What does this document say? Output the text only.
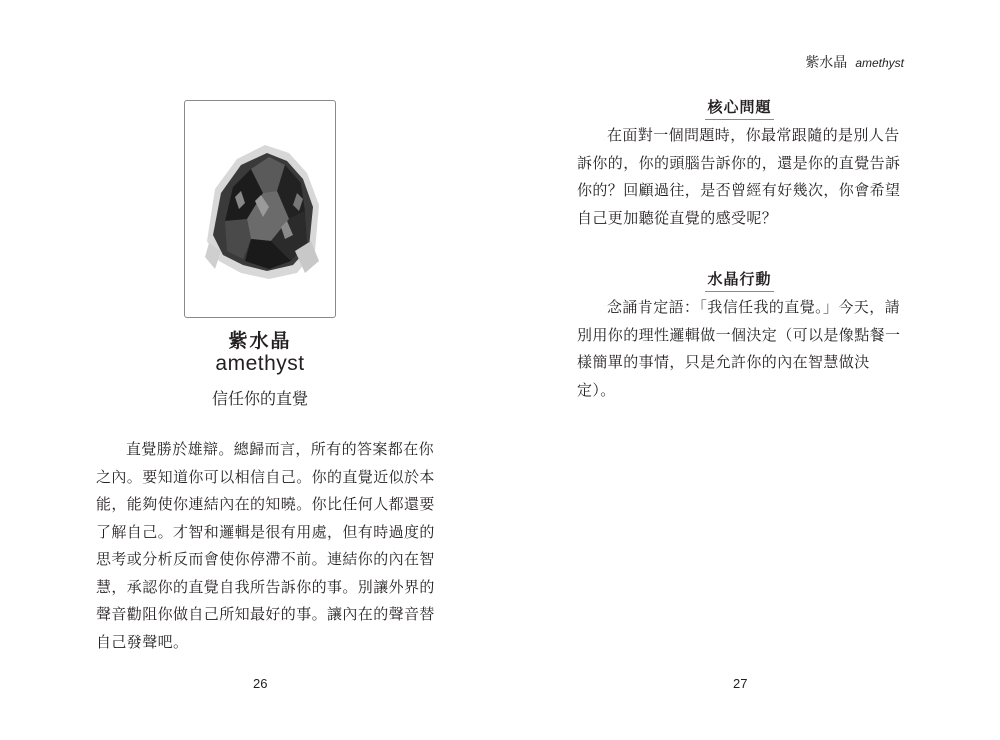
紫水晶
amethyst
信任你的直覺

直覺勝於雄辯。總歸而言，所有的答案都在你之內。要知道你可以相信自己。你的直覺近似於本能，能夠使你連結內在的知曉。你比任何人都還要了解自己。才智和邏輯是很有用處，但有時過度的思考或分析反而會使你停滯不前。連結你的內在智慧，承認你的直覺自我所告訴你的事。別讓外界的聲音勸阻你做自己所知最好的事。讓內在的聲音替自己發聲吧。

26
紫水晶 amethyst
核心問題

在面對一個問題時，你最常跟隨的是別人告訴你的，你的頭腦告訴你的，還是你的直覺告訴你的？回顧過往，是否曾經有好幾次，你會希望自己更加聽從直覺的感受呢？

水晶行動

念誦肯定語：「我信任我的直覺。」今天，請別用你的理性邏輯做一個決定（可以是像點餐一樣簡單的事情，只是允許你的內在智慧做決定）。

27
